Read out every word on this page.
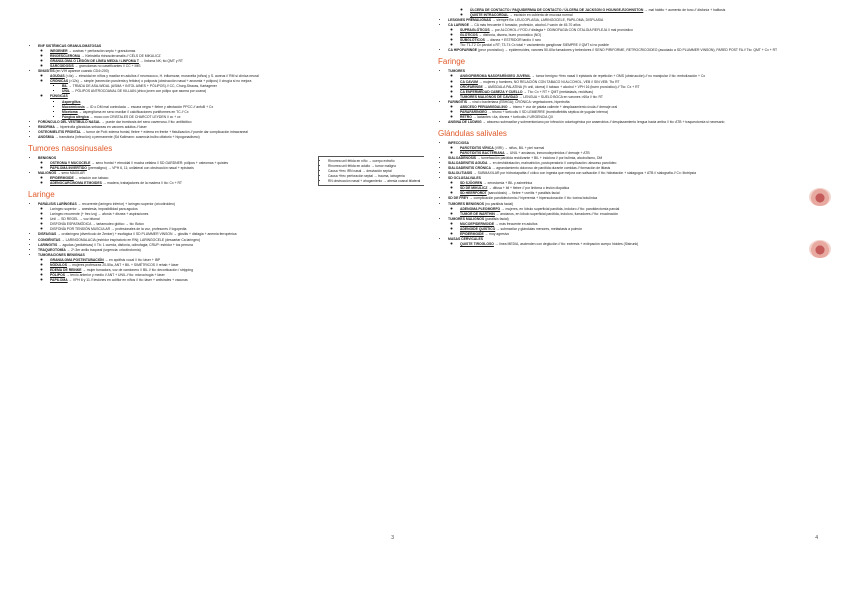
• ENF SISTÉMICAS GRANULOMATOSAS
◦ WEGENER → costras + perforación septo + granulomas
◦ RINOESCLEROMA → Klebsiella rhinoscleromatis // CÉLS DE MIKULICZ
◦ GRANULOMA O LESIÓN DE LÍNEA MEDIA / LINFOMA T → linfoma NK; tto QMT y RT
◦ SARCOIDOSIS → granulomas no caseificantes // CC + IMS
• SINUSITIS (en VIH aparece cuando CD4<200)
◦ AGUDAS (<4s) → etmoidal en niños y maxilar en adultos // neumococo, H. influenzae, moraxella (niños) y S. aureus // RM si clínica neural
◦ CRÓNICAS (>12s) → simple (secreción purulenta y fetidez) o poliposis (obstrucción nasal + anosmia + pólipos) // cirugía si no mejora
▪ BIL → TRÍADA DE ASA-WIDAL (ASMA + INTOL AINES + PÓLIPOS) // CC, Churg-Strauss, Kartagener
▪ UNIL → PÓLIPOS ANTROCOANAL DE KILLIAN (chico joven con pólipo que asoma por coana)
◦ FÚNGICAS
▪ Aspergillus
▪ Mucormicosis → ID o DM mal controlada → escara negra + fiebre y afectación PPCC // anfoB + Cx
▪ Micetoma → aspergiloma en seno maxilar // calcificaciones puntiformes en TC // Cx
▪ Fúngica alérgica → moco con CRISTALES DE CHARCOT LEYDEN // cc + cx
• FORÚNCULO DEL VESTÍBULO NASAL → puede dar trombosis del seno cavernoso // tto: antibiótico
• RINOFIMA → hipertrofia glándulas sebáceas en varones adultos // láser
• OSTEOMIELITIS FRONTAL → tumor de Pott: edema frontal, fiebre + edema en frente + fistulización // puede dar complicación intracraneal
• ANOSMIA → transitoria (infección) o permanente (Sd Kallmann: ausencia bulbo olfatorio + hipogonadismo)
Tumores nasosinusales
• BENIGNOS
◦ OSTEOMA Y MUCOCELE → seno frontal + etmoidal // mucha cefalea // SD GARDNER: pólipos + osteomas + quistes
◦ PAPILOMA INVERTIDO (premaligno) → VPH 6, 11; unilateral con obstrucción nasal + epistaxis
• MALIGNOS → seno MAXILAR
◦ EPIDERMOIDE → relación con tabaco
◦ ADENOCARCINOMA ETMOIDES → madera, trabajadores de la madera // tto: Cx + RT
• Rinorrea unil fétida en niño → cuerpo extraño
• Rinorrea unil fétida en adulto → tumor maligno
• Causa +frec IRN nasal → desviación septal
• Causa +frec perforación septal → trauma, iatrogenia
• RN obstrucción nasal + ahogamiento → atresia coanal bilateral
Laringe
• PARÁLISIS LARÍNGEAS → recurrente (laríngeo inferior) + laríngeo superior (cricotiroideo)
◦ Laríngeo superior → anestesia, imposibilidad para agudos
◦ Laríngeo recurrente (+ frec izq) → afonía + disnea + aspiraciones
◦ Unil → SD REGEL → voz bitonal
◦ DISFONÍA ESPASMÓDICA → tartamudeo glótico → tto: Botox
◦ DISFONÍA POR TENSIÓN MUSCULAR → profesionales de la voz, profesores // logopedia
• DISFAGIAS → orofaríngea (divertículo de Zenker) + esofágica // SD PLUMMER VINSON → glositis + disfagia + anemia ferropénica
• CONGÉNITAS → LARINGOMALACIA (estridor inspiratorio en RN); LARINGOCELE (descartar Ca laríngeo)
• LARINGITIS → agudas (pediátricas) // Tb: 1 cuerda, disfonía, odinofagia; CRUP: estridor + tos perruna
• TRAQUEOTOMÍA → 2º-3er anillo traqueal (urgencia: cricotirotomía)
• TUMORACIONES BENIGNAS
◦ GRANULOMA POSTINTUBACIÓN → en apófisis vocal // tto: láser + IBP
◦ NÓDULOS → mujeres profesoras 20-50a, ANT + BIL + SIMÉTRICOS // rehab + láser
◦ EDEMA DE REINKE → mujer fumadora, voz de camionero // BIL // tto: decorticación / stripping
◦ PÓLIPOS → tercio anterior y medio // ANT + UNIL // tto: microcirugía + láser
◦ PAPILOMA → VPH 6 y 11 // lesiones en coliflor en niños // tto: láser + antivirales + vacunas
3
◦ ÚLCERA DE CONTACTO / PAQUIDERMIA DE CONTACTO / ÚLCERA DE JACKSON O HOUNGE-RJOHNSTON → mal hábito + aumento de tono // disfonía + halitosis
◦ QUISTE INTRACORDAL → escisión en cubierta de mucosa normal
• LESIONES PREMALIGNAS → siempre Bx: LEUCOPLASIA, LARINGOCELE, PAPILOMA, DISPLASIA
• CA LARINGE → CA más frecuente // fumador, profesión, alcohol // varón de 45-70 años
◦ SUPRAGLÓTICOS → por ALCOHOL // FOD // disfagia + ODINOFAGIA CON OTALGIA REFLEJA // mal pronóstico
◦ GLÓTICOS → disfonía, disnea, buen pronóstico (NO)
◦ SUBGLÓTICOS → disnea + ESTRIDOR tardío // raro
◦ Tto: T1-T2 Cx parcial o RT; T3-T4 Cx total + vaciamiento ganglionar SIEMPRE // QMT si no posible
• CA HIPOFARINGE (peor pronóstico) → epidermoides, varones 50-60a fumadores y bebedores // SENO PIRIFORME, RETROCRICOIDEO (asociado a SD PLUMMER VINSON), PARED POST FA // Tto: QMT + Cx + RT
Faringe
• TUMORES
◦ ANGIOFIBROMA NASOFARÍNGEO JUVENIL → tumor benigno +frec nasal // epistaxis de repetición + OMS (obstrucción) // no manipular // tto: embolización + Cx
◦ CA CAVUM → mujeres y hombres, NO RELACIÓN CON TABACO NI ALCOHOL, VEB // SIN VEB: Tto RT
◦ OROFARINGE → AMÍGDALA PALATINA (½ unil, úlcera) // tabaco + alcohol + VPH 16 (buen pronóstico) // Tto: Cx + RT
◦ CA ENFERMEDAD CABEZA Y CUELLO → Tto: Cx + RT + QMT (metástasis, recidivas)
◦ TUMORES MALIGNOS DE CAVIDAD → LENGUA + SUELO BOCA en varones >60a // tto: RT
• FARINGITIS → viral o bacteriana (EBHGA); CRÓNICA: vegetaciones, hipertrofia
◦ ABSCESO PERIAMIGDALINO → trismo + voz de patata caliente + desplazamiento úvula // drenaje oral
◦ PARAFARÍNGEO → trismo + tortícolis // SD LEMIERRE (tromboflebitis séptica de yugular interna)
◦ RETRO → lactantes <4a, disnea + tortícolis // URGENCIA QX
• ANGINA DE LUDWIG → absceso submaxilar y submentoniano por infección odontogénica por anaerobios // desplazamiento lengua hacia arriba // tto: ATB + traqueotomía si necesario
Glándulas salivales
• INFECCIOSA
◦ PAROTIDITIS VÍRICA (VIRI) → niños, BIL + piel normal
◦ PAROTIDITIS BACTERIANA → UNIL + ancianos, inmunodeprimidos // drenaje + ATB
• SIALOADENOSIS → tumefacción parótida recidivante + BIL + indolora // por bulimia, alcoholismo, DM
• SIALOADENITIS AGUDA → en deshidratación, malnutrición, postoperatorio // complicación: absceso parotídeo
• SIALOADENITIS CRÓNICA → agrandamiento doloroso de parótida durante comidas // formación de litiasis
• SIALOLITIASIS → SUBMAXILAR por hidroxiapatita // cólico con ingesta que mejora con salivación // tto: hidratación + sialagogos + ATB // sialografía // Cx: litotripsia
• SD OCLUSALVALES
◦ SD SJÖGREN → xerostomía + BIL y asimétrica
◦ SD DE MIKULICZ → difusa + bil + fiebre // por linfoma o lesión diopática
◦ SD HEERFORDT (sarcoidosis) → fiebre + uveítis + parálisis facial
• SD DE FREY → complicación parotidectomía // hiperemia + hipersudoración // tto: toxina botulínica
• TUMORES BENIGNOS (no parálisis facial)
◦ ADENOMA PLEOMORFO → mujeres, en lóbulo superficial parótida, indoloro // tto: parotidectomía parcial
◦ TUMOR DE WARTHIN → ancianos, en lóbulo superficial parótida, indoloro, fumadores // tto: enucleación
• TUMORES MALIGNOS (parálisis facial)
◦ MUCOEPIDERMOIDE → más frecuente en adultos
◦ ADENOIDE QUÍSTICO → submaxilar y glándulas menores, metástasis a pulmón
◦ EPIDERMOIDE → muy agresivo
• MASAS CERVICALES
◦ QUISTE TIROGLOSO → línea MEDIA, ascienden con deglución // tto: exéresis + extirpación cuerpo hioides (Sistrunk)
4
